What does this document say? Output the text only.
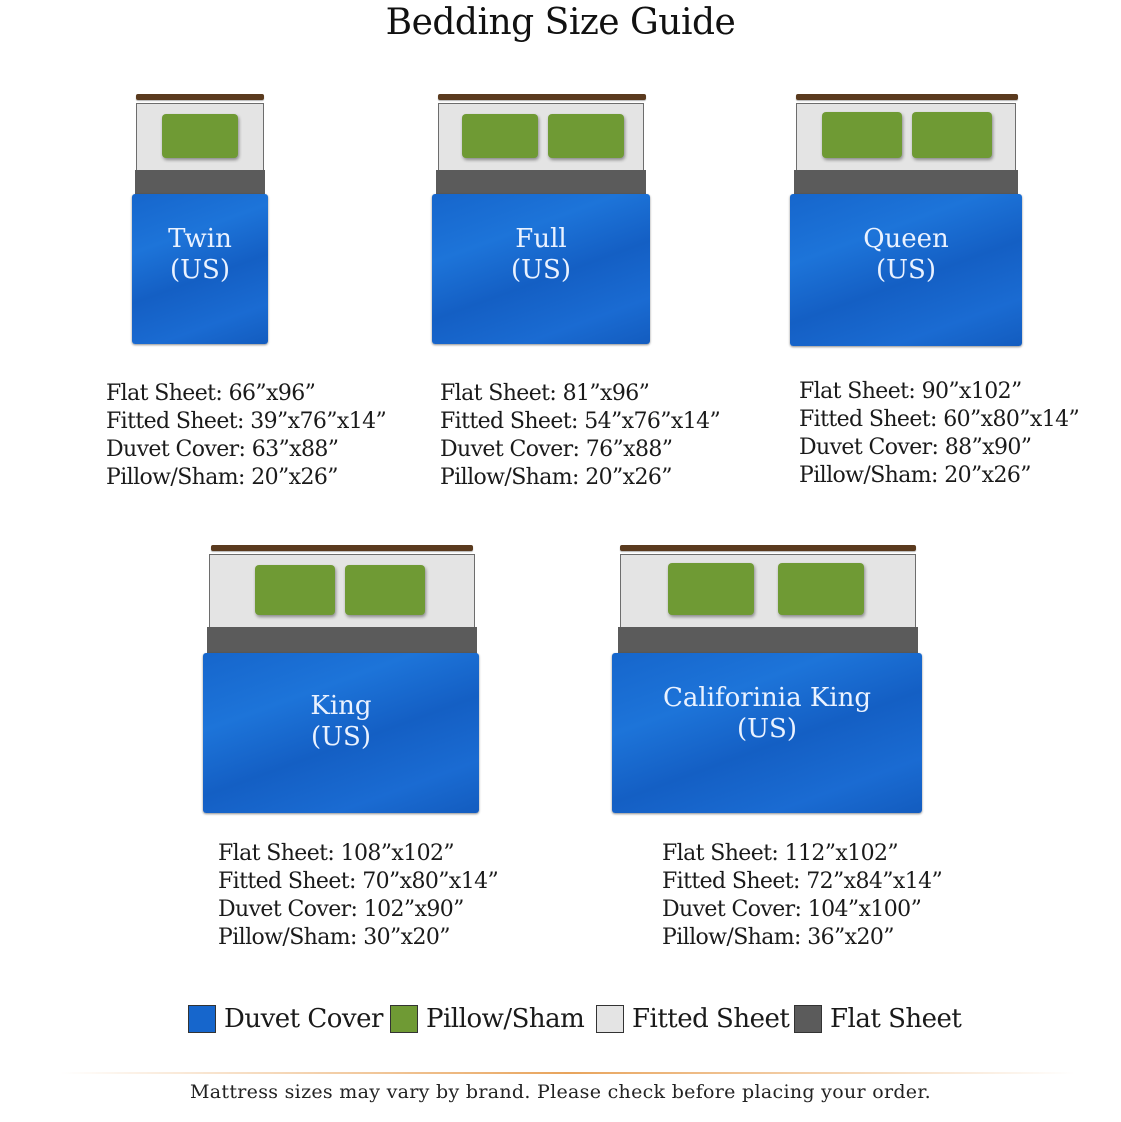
Bedding Size Guide
Twin
(US)
Flat Sheet: 66”x96”
Fitted Sheet: 39”x76”x14”
Duvet Cover: 63”x88”
Pillow/Sham: 20”x26”
Full
(US)
Flat Sheet: 81”x96”
Fitted Sheet: 54”x76”x14”
Duvet Cover: 76”x88”
Pillow/Sham: 20”x26”
Queen
(US)
Flat Sheet: 90”x102”
Fitted Sheet: 60”x80”x14”
Duvet Cover: 88”x90”
Pillow/Sham: 20”x26”
King
(US)
Flat Sheet: 108”x102”
Fitted Sheet: 70”x80”x14”
Duvet Cover: 102”x90”
Pillow/Sham: 30”x20”
Califorinia King
(US)
Flat Sheet: 112”x102”
Fitted Sheet: 72”x84”x14”
Duvet Cover: 104”x100”
Pillow/Sham: 36”x20”
Duvet Cover Pillow/Sham Fitted Sheet Flat Sheet
Mattress sizes may vary by brand. Please check before placing your order.
